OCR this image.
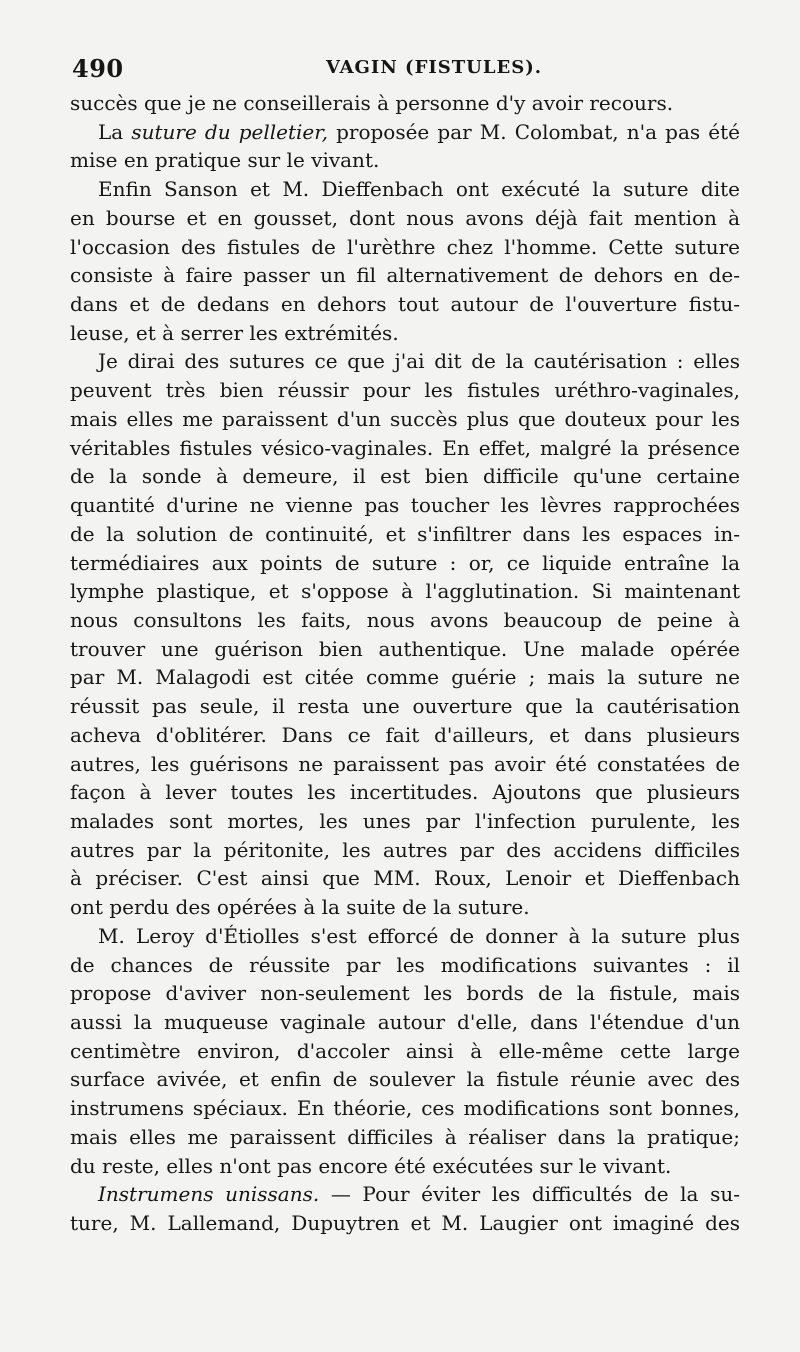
490	VAGIN (FISTULES).
succès que je ne conseillerais à personne d'y avoir recours.
La suture du pelletier, proposée par M. Colombat, n'a pas été
mise en pratique sur le vivant.
Enfin Sanson et M. Dieffenbach ont exécuté la suture dite
en bourse et en gousset, dont nous avons déjà fait mention à
l'occasion des fistules de l'urèthre chez l'homme. Cette suture
consiste à faire passer un fil alternativement de dehors en de-
dans et de dedans en dehors tout autour de l'ouverture fistu-
leuse, et à serrer les extrémités.
Je dirai des sutures ce que j'ai dit de la cautérisation : elles
peuvent très bien réussir pour les fistules uréthro-vaginales,
mais elles me paraissent d'un succès plus que douteux pour les
véritables fistules vésico-vaginales. En effet, malgré la présence
de la sonde à demeure, il est bien difficile qu'une certaine
quantité d'urine ne vienne pas toucher les lèvres rapprochées
de la solution de continuité, et s'infiltrer dans les espaces in-
termédiaires aux points de suture : or, ce liquide entraîne la
lymphe plastique, et s'oppose à l'agglutination. Si maintenant
nous consultons les faits, nous avons beaucoup de peine à
trouver une guérison bien authentique. Une malade opérée
par M. Malagodi est citée comme guérie ; mais la suture ne
réussit pas seule, il resta une ouverture que la cautérisation
acheva d'oblitérer. Dans ce fait d'ailleurs, et dans plusieurs
autres, les guérisons ne paraissent pas avoir été constatées de
façon à lever toutes les incertitudes. Ajoutons que plusieurs
malades sont mortes, les unes par l'infection purulente, les
autres par la péritonite, les autres par des accidens difficiles
à préciser. C'est ainsi que MM. Roux, Lenoir et Dieffenbach
ont perdu des opérées à la suite de la suture.
M. Leroy d'Étiolles s'est efforcé de donner à la suture plus
de chances de réussite par les modifications suivantes : il
propose d'aviver non-seulement les bords de la fistule, mais
aussi la muqueuse vaginale autour d'elle, dans l'étendue d'un
centimètre environ, d'accoler ainsi à elle-même cette large
surface avivée, et enfin de soulever la fistule réunie avec des
instrumens spéciaux. En théorie, ces modifications sont bonnes,
mais elles me paraissent difficiles à réaliser dans la pratique;
du reste, elles n'ont pas encore été exécutées sur le vivant.
Instrumens unissans. — Pour éviter les difficultés de la su-
ture, M. Lallemand, Dupuytren et M. Laugier ont imaginé des
